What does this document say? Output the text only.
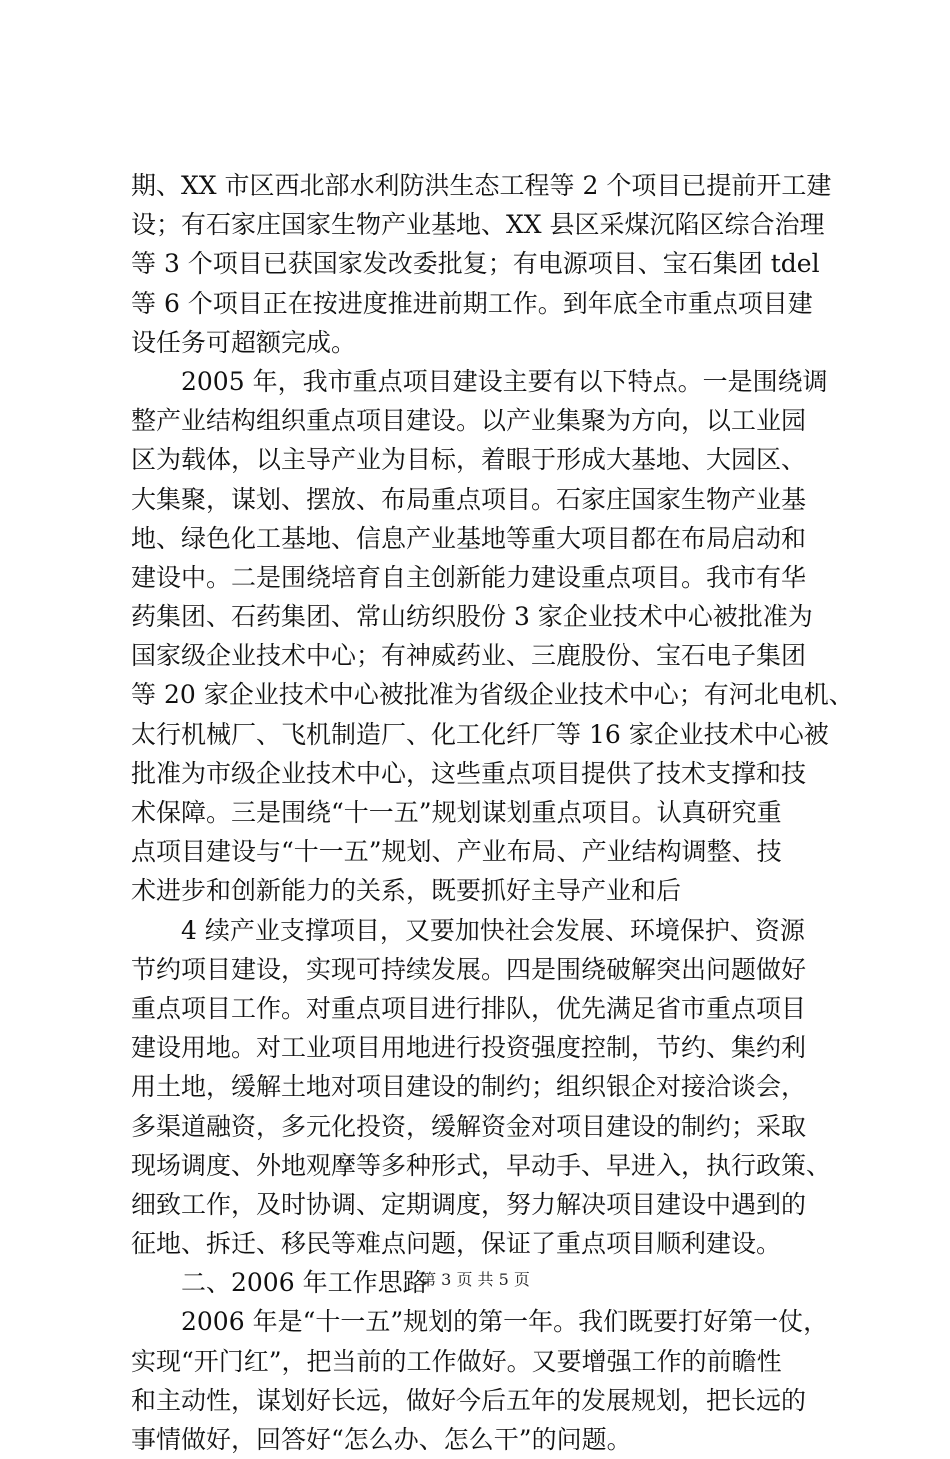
期、XX 市区西北部水利防洪生态工程等 2 个项目已提前开工建
设；有石家庄国家生物产业基地、XX 县区采煤沉陷区综合治理
等 3 个项目已获国家发改委批复；有电源项目、宝石集团 tdel
等 6 个项目正在按进度推进前期工作。到年底全市重点项目建
设任务可超额完成。
2005 年，我市重点项目建设主要有以下特点。一是围绕调
整产业结构组织重点项目建设。以产业集聚为方向，以工业园
区为载体，以主导产业为目标，着眼于形成大基地、大园区、
大集聚，谋划、摆放、布局重点项目。石家庄国家生物产业基
地、绿色化工基地、信息产业基地等重大项目都在布局启动和
建设中。二是围绕培育自主创新能力建设重点项目。我市有华
药集团、石药集团、常山纺织股份 3 家企业技术中心被批准为
国家级企业技术中心；有神威药业、三鹿股份、宝石电子集团
等 20 家企业技术中心被批准为省级企业技术中心；有河北电机、
太行机械厂、飞机制造厂、化工化纤厂等 16 家企业技术中心被
批准为市级企业技术中心，这些重点项目提供了技术支撑和技
术保障。三是围绕“十一五”规划谋划重点项目。认真研究重
点项目建设与“十一五”规划、产业布局、产业结构调整、技
术进步和创新能力的关系，既要抓好主导产业和后
4 续产业支撑项目，又要加快社会发展、环境保护、资源
节约项目建设，实现可持续发展。四是围绕破解突出问题做好
重点项目工作。对重点项目进行排队，优先满足省市重点项目
建设用地。对工业项目用地进行投资强度控制，节约、集约利
用土地，缓解土地对项目建设的制约；组织银企对接洽谈会，
多渠道融资，多元化投资，缓解资金对项目建设的制约；采取
现场调度、外地观摩等多种形式，早动手、早进入，执行政策、
细致工作，及时协调、定期调度，努力解决项目建设中遇到的
征地、拆迁、移民等难点问题，保证了重点项目顺利建设。
二、2006 年工作思路
2006 年是“十一五”规划的第一年。我们既要打好第一仗，
实现“开门红”，把当前的工作做好。又要增强工作的前瞻性
和主动性，谋划好长远，做好今后五年的发展规划，把长远的
事情做好，回答好“怎么办、怎么干”的问题。
第 3 页 共 5 页
